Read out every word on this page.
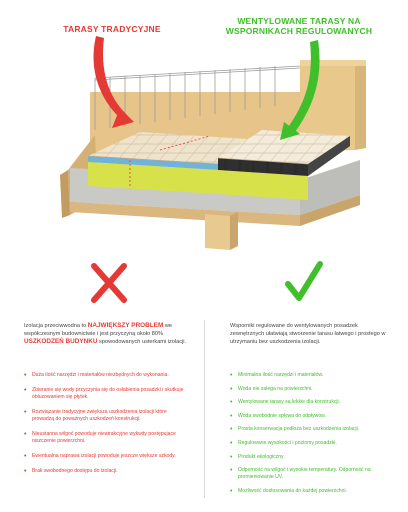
TARASY TRADYCYJNE
WENTYLOWANE TARASY NA WSPORNIKACH REGULOWANYCH
Izolacja przeciwwodna to NAJWIĘKSZY PROBLEM we współczesnym budownictwie i jest przyczyną około 80% USZKODZEŃ BUDYNKU spowodowanych usterkami izolacji.
Wsporniki regulowane do wentylowanych posadzek zewnętrznych ułatwiają stworzenie tarasu łatwego i prostego w utrzymaniu bez uszkodzenia izolacji.
• Duża ilość narzędzi i materiałów niezbędnych do wykonania.
• Zbieranie się wody przyczynia się do osłabienia posadzki i skutkuje obluzowaniem się płytek.
• Rozwiązanie tradycyjne zwiększa uszkodzenia izolacji które prowadzą do poważnych uszkodzeń konstrukcji.
• Nieustanna wilgoć powoduje nieatrakcyjne wykwity postępujące niszczenie powierzchni.
• Ewentualna naprawa izolacji powoduje jeszcze większe szkody.
• Brak swobodnego dostępu do izolacji.
• Minimalna ilość narzędzi i materiałów.
• Woda nie zalega na powierzchni.
• Wentylowane tarasy są lekkie dla konstrukcji.
• Woda swobodnie spływa do odpływów.
• Prosta konserwacja podłoża bez uszkodzenia izolacji.
• Regulowane wysokości i poziomy posadzki.
• Produkt ekologiczny.
• Odporność na wilgoć i wysokie temperatury. Odporność na promieniowanie UV.
• Możliwość dostosowania do każdej powierzchni.
